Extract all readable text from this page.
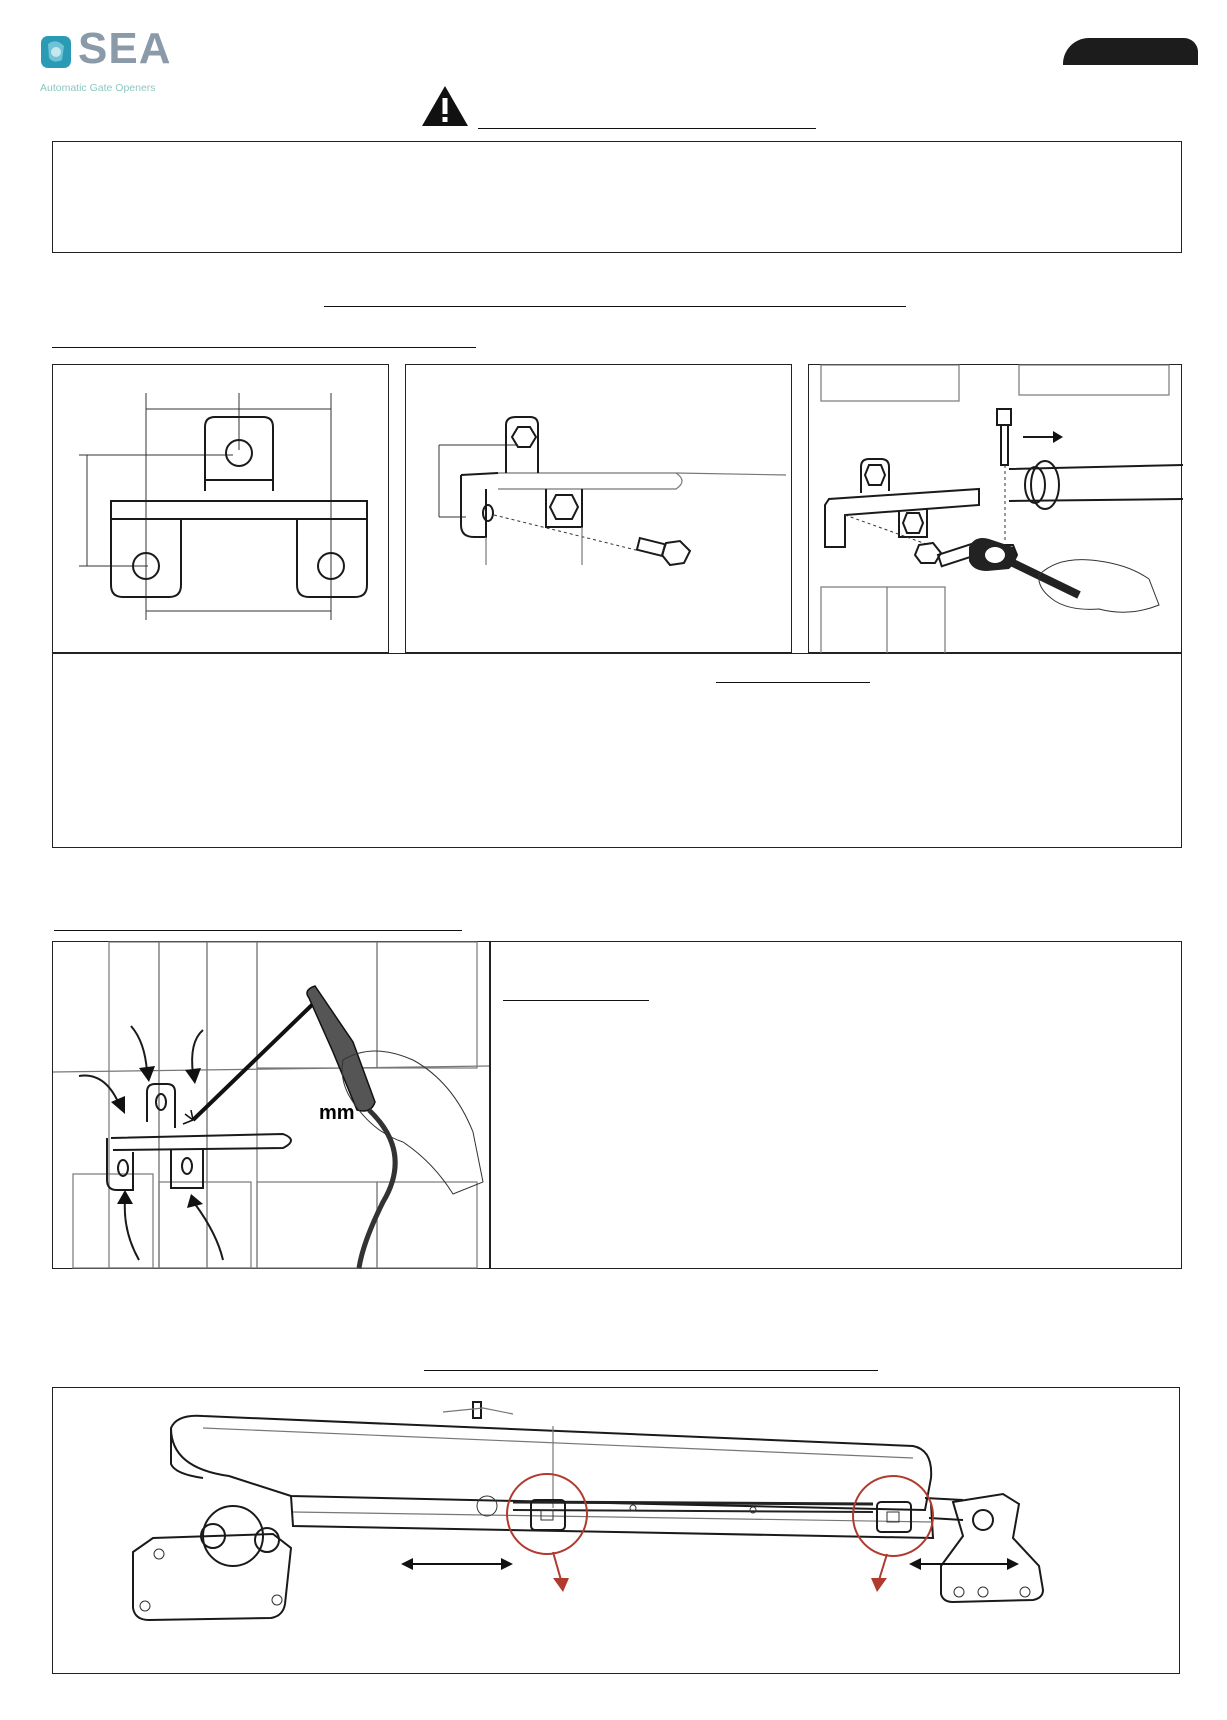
SEA
Automatic Gate Openers
mm
